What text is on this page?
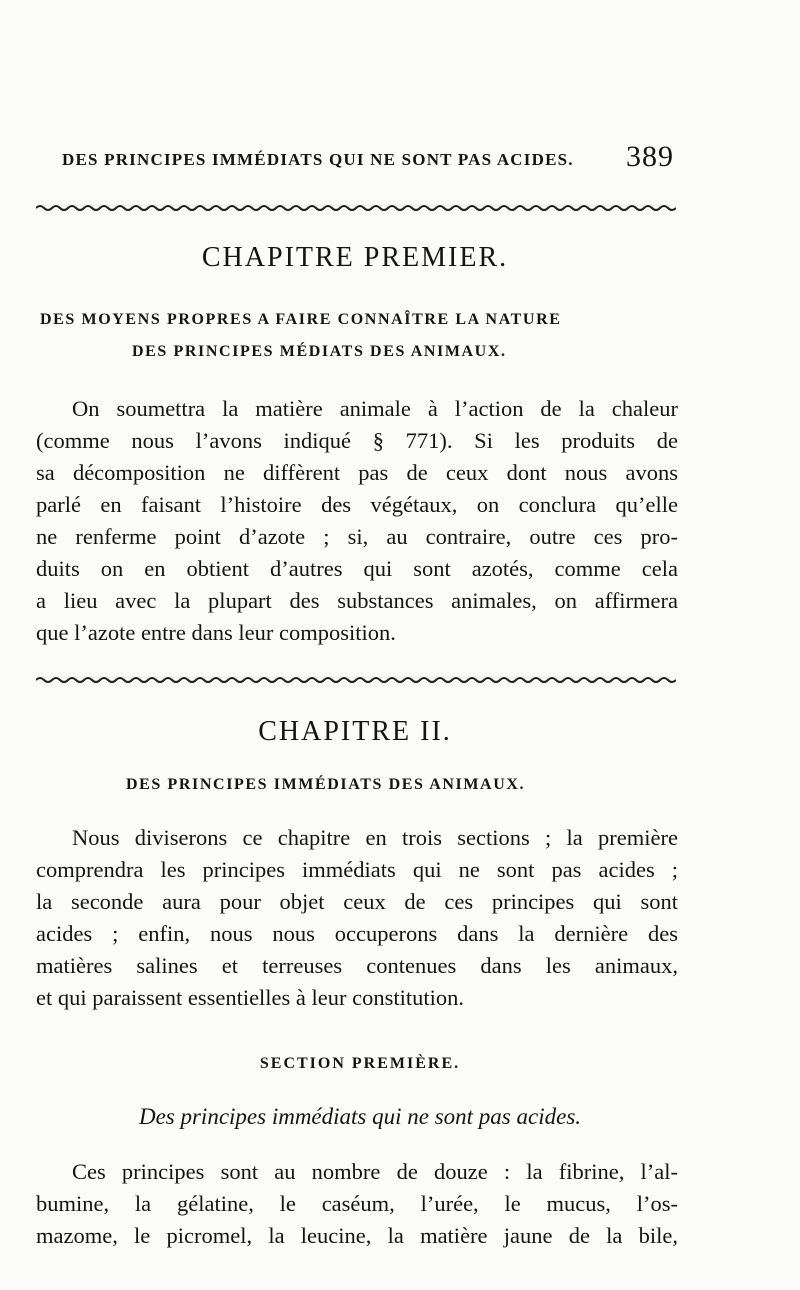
DES PRINCIPES IMMÉDIATS QUI NE SONT PAS ACIDES. 389
CHAPITRE PREMIER.
DES MOYENS PROPRES A FAIRE CONNAÎTRE LA NATURE
DES PRINCIPES MÉDIATS DES ANIMAUX.

On soumettra la matière animale à l’action de la chaleur
(comme nous l’avons indiqué § 771). Si les produits de
sa décomposition ne diffèrent pas de ceux dont nous avons
parlé en faisant l’histoire des végétaux, on conclura qu’elle
ne renferme point d’azote ; si, au contraire, outre ces pro-
duits on en obtient d’autres qui sont azotés, comme cela
a lieu avec la plupart des substances animales, on affirmera
que l’azote entre dans leur composition.

CHAPITRE II.
DES PRINCIPES IMMÉDIATS DES ANIMAUX.

Nous diviserons ce chapitre en trois sections ; la première
comprendra les principes immédiats qui ne sont pas acides ;
la seconde aura pour objet ceux de ces principes qui sont
acides ; enfin, nous nous occuperons dans la dernière des
matières salines et terreuses contenues dans les animaux,
et qui paraissent essentielles à leur constitution.

SECTION PREMIÈRE.
Des principes immédiats qui ne sont pas acides.

Ces principes sont au nombre de douze : la fibrine, l’al-
bumine, la gélatine, le caséum, l’urée, le mucus, l’os-
mazome, le picromel, la leucine, la matière jaune de la bile,
